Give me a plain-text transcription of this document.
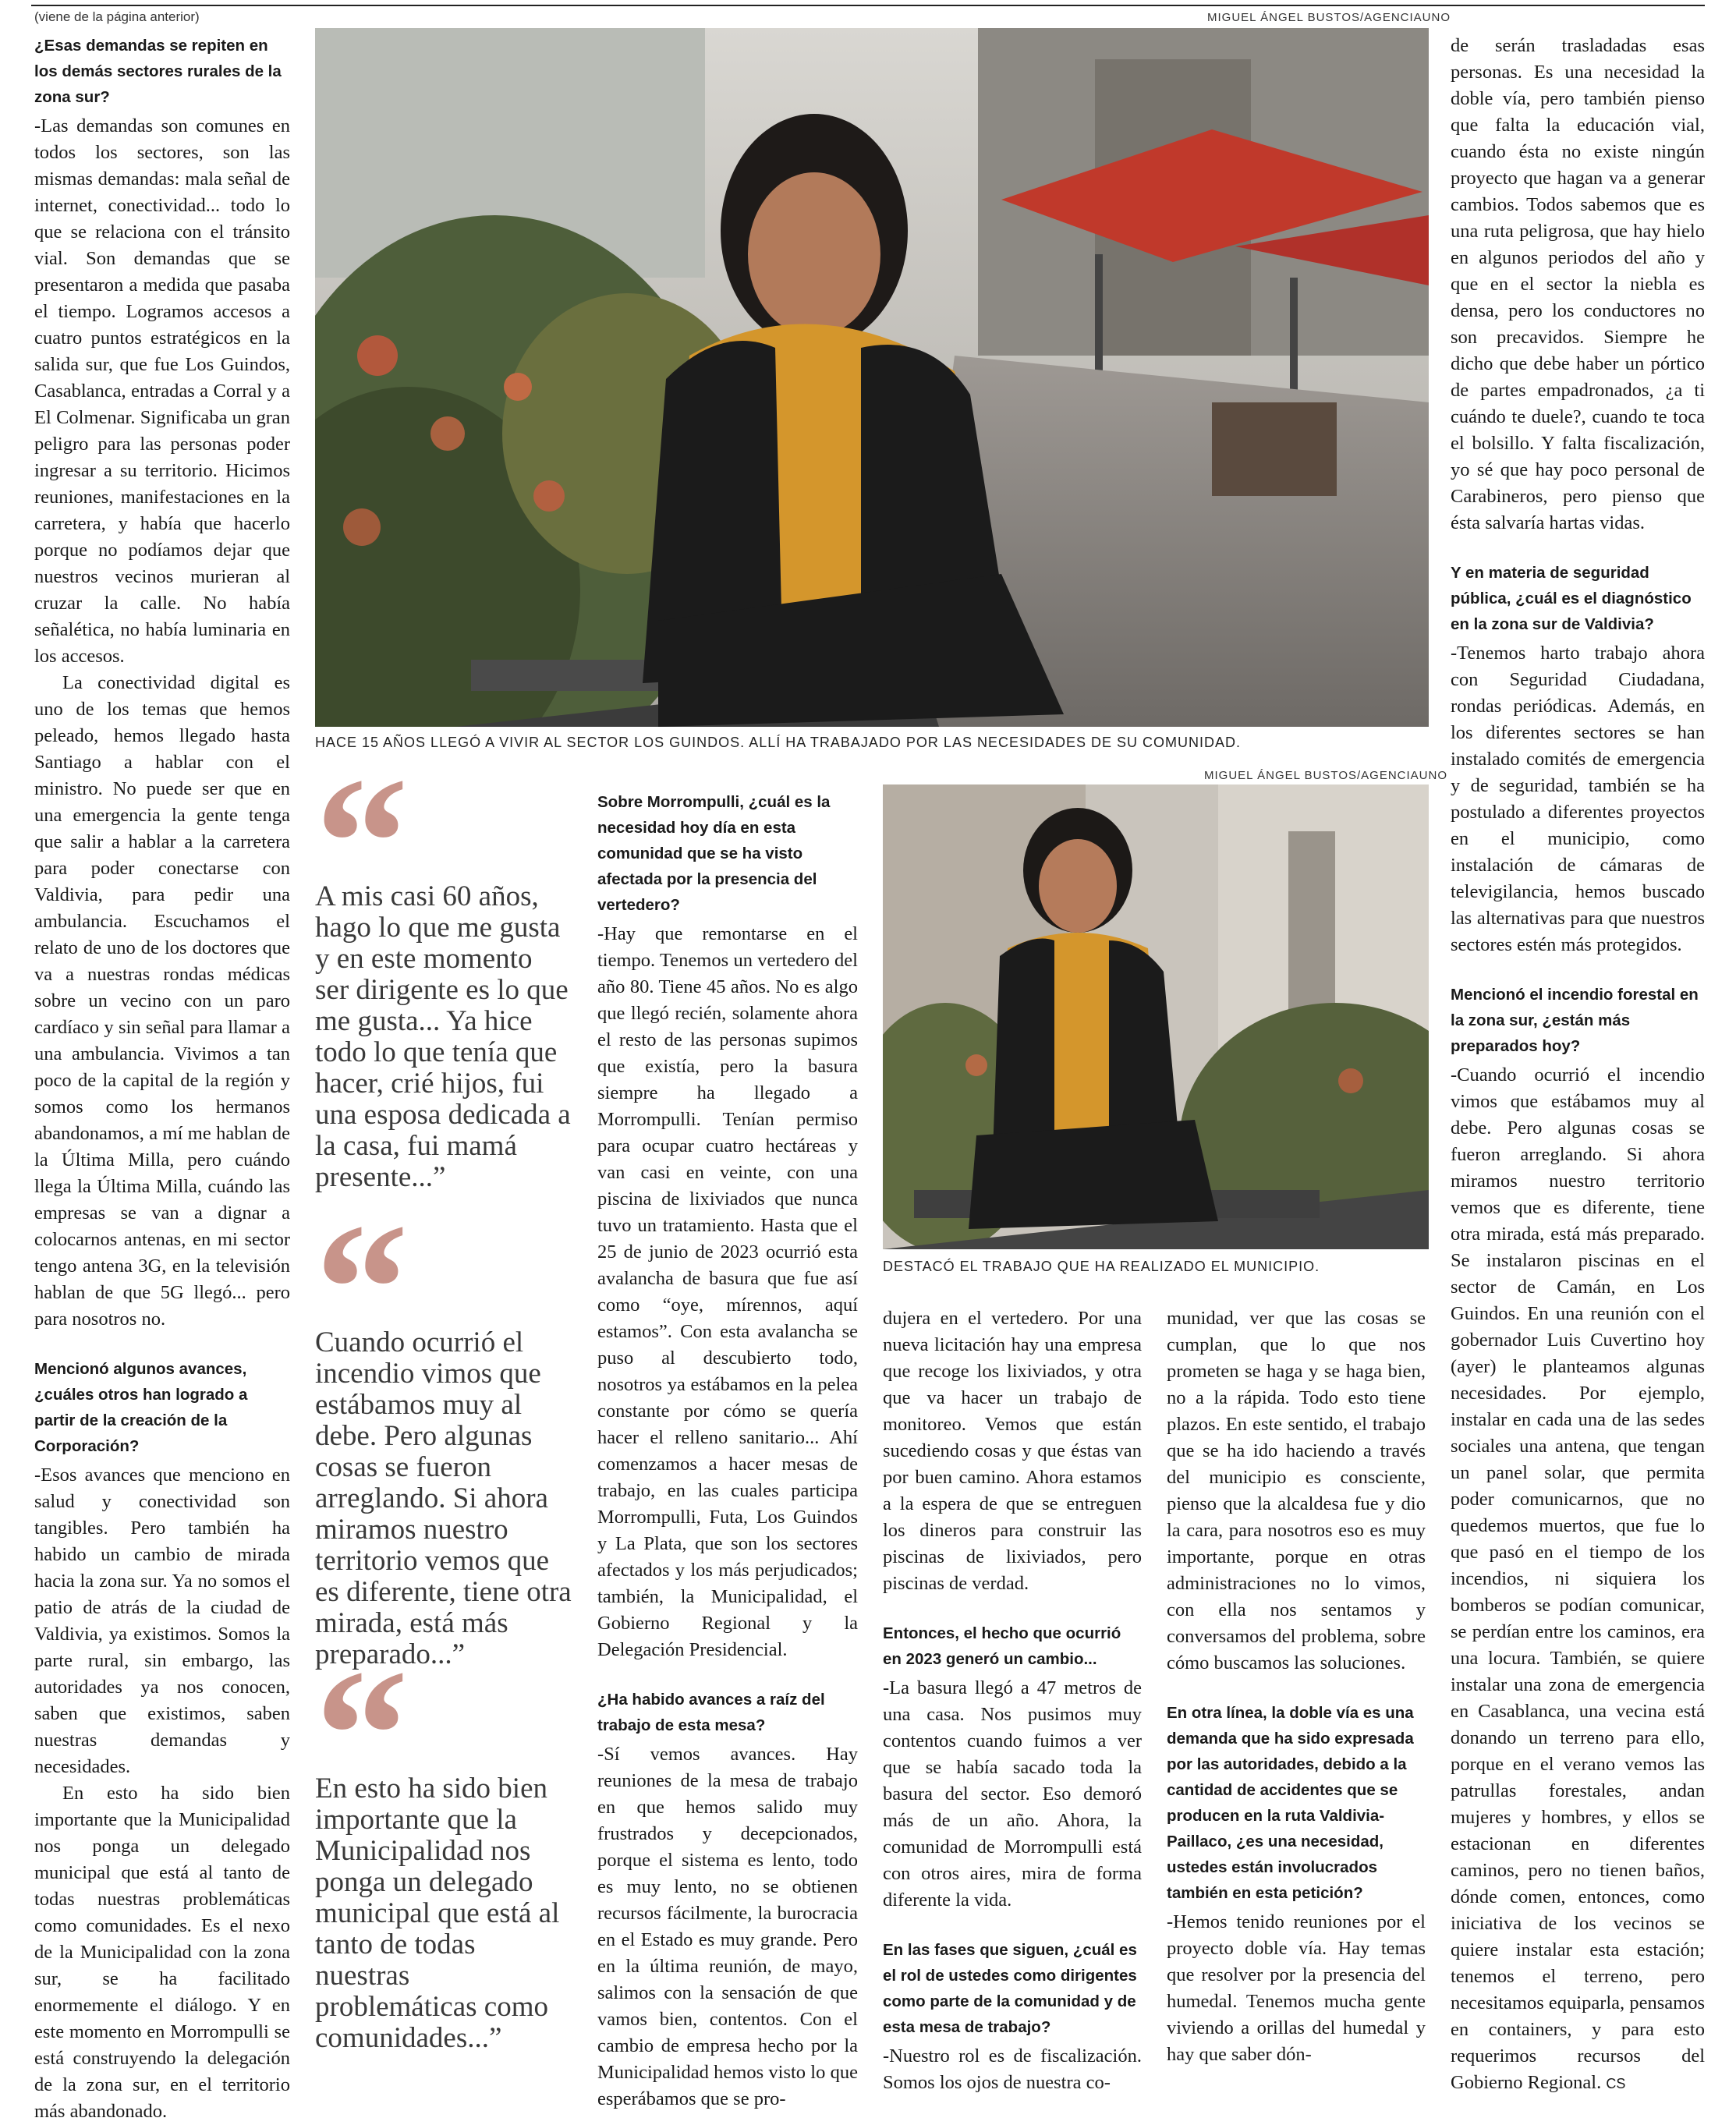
(viene de la página anterior)	MIGUEL ÁNGEL BUSTOS/AGENCIAUNO

¿Esas demandas se repiten en los demás sectores rurales de la zona sur?

-Las demandas son comunes en todos los sectores, son las mismas demandas: mala señal de internet, conectividad... todo lo que se relaciona con el tránsito vial. Son demandas que se presentaron a medida que pasaba el tiempo. Logramos accesos a cuatro puntos estratégicos en la salida sur, que fue Los Guindos, Casablanca, entradas a Corral y a El Colmenar. Significaba un gran peligro para las personas poder ingresar a su territorio. Hicimos reuniones, manifestaciones en la carretera, y había que hacerlo porque no podíamos dejar que nuestros vecinos murieran al cruzar la calle. No había señalética, no había luminaria en los accesos.

La conectividad digital es uno de los temas que hemos peleado, hemos llegado hasta Santiago a hablar con el ministro. No puede ser que en una emergencia la gente tenga que salir a hablar a la carretera para poder conectarse con Valdivia, para pedir una ambulancia. Escuchamos el relato de uno de los doctores que va a nuestras rondas médicas sobre un vecino con un paro cardíaco y sin señal para llamar a una ambulancia. Vivimos a tan poco de la capital de la región y somos como los hermanos abandonamos, a mí me hablan de la Última Milla, pero cuándo llega la Última Milla, cuándo las empresas se van a dignar a colocarnos antenas, en mi sector tengo antena 3G, en la televisión hablan de que 5G llegó... pero para nosotros no.

Mencionó algunos avances, ¿cuáles otros han logrado a partir de la creación de la Corporación?

-Esos avances que menciono en salud y conectividad son tangibles. Pero también ha habido un cambio de mirada hacia la zona sur. Ya no somos el patio de atrás de la ciudad de Valdivia, ya existimos. Somos la parte rural, sin embargo, las autoridades ya nos conocen, saben que existimos, saben nuestras demandas y necesidades.

En esto ha sido bien importante que la Municipalidad nos ponga un delegado municipal que está al tanto de todas nuestras problemáticas como comunidades. Es el nexo de la Municipalidad con la zona sur, se ha facilitado enormemente el diálogo. Y en este momento en Morrompulli se está construyendo la delegación de la zona sur, en el territorio más abandonado.

HACE 15 AÑOS LLEGÓ A VIVIR AL SECTOR LOS GUINDOS. ALLÍ HA TRABAJADO POR LAS NECESIDADES DE SU COMUNIDAD.
A mis casi 60 años, hago lo que me gusta y en este momento ser dirigente es lo que me gusta... Ya hice todo lo que tenía que hacer, crié hijos, fui una esposa dedicada a la casa, fui mamá presente...”
Cuando ocurrió el incendio vimos que estábamos muy al debe. Pero algunas cosas se fueron arreglando. Si ahora miramos nuestro territorio vemos que es diferente, tiene otra mirada, está más preparado...”
En esto ha sido bien importante que la Municipalidad nos ponga un delegado municipal que está al tanto de todas nuestras problemáticas como comunidades...”

Sobre Morrompulli, ¿cuál es la necesidad hoy día en esta comunidad que se ha visto afectada por la presencia del vertedero?

-Hay que remontarse en el tiempo. Tenemos un vertedero del año 80. Tiene 45 años. No es algo que llegó recién, solamente ahora el resto de las personas supimos que existía, pero la basura siempre ha llegado a Morrompulli. Tenían permiso para ocupar cuatro hectáreas y van casi en veinte, con una piscina de lixiviados que nunca tuvo un tratamiento. Hasta que el 25 de junio de 2023 ocurrió esta avalancha de basura que fue así como “oye, mírennos, aquí estamos”. Con esta avalancha se puso al descubierto todo, nosotros ya estábamos en la pelea constante por cómo se quería hacer el relleno sanitario... Ahí comenzamos a hacer mesas de trabajo, en las cuales participa Morrompulli, Futa, Los Guindos y La Plata, que son los sectores afectados y los más perjudicados; también, la Municipalidad, el Gobierno Regional y la Delegación Presidencial.

¿Ha habido avances a raíz del trabajo de esta mesa?

-Sí vemos avances. Hay reuniones de la mesa de trabajo en que hemos salido muy frustrados y decepcionados, porque el sistema es lento, todo es muy lento, no se obtienen recursos fácilmente, la burocracia en el Estado es muy grande. Pero en la última reunión, de mayo, salimos con la sensación de que vamos bien, contentos. Con el cambio de empresa hecho por la Municipalidad hemos visto lo que esperábamos que se pro-

MIGUEL ÁNGEL BUSTOS/AGENCIAUNO
DESTACÓ EL TRABAJO QUE HA REALIZADO EL MUNICIPIO.

dujera en el vertedero. Por una nueva licitación hay una empresa que recoge los lixiviados, y otra que va hacer un trabajo de monitoreo. Vemos que están sucediendo cosas y que éstas van por buen camino. Ahora estamos a la espera de que se entreguen los dineros para construir las piscinas de lixiviados, pero piscinas de verdad.

Entonces, el hecho que ocurrió en 2023 generó un cambio...

-La basura llegó a 47 metros de una casa. Nos pusimos muy contentos cuando fuimos a ver que se había sacado toda la basura del sector. Eso demoró más de un año. Ahora, la comunidad de Morrompulli está con otros aires, mira de forma diferente la vida.

En las fases que siguen, ¿cuál es el rol de ustedes como dirigentes como parte de la comunidad y de esta mesa de trabajo?

-Nuestro rol es de fiscalización. Somos los ojos de nuestra co-

munidad, ver que las cosas se cumplan, que lo que nos prometen se haga y se haga bien, no a la rápida. Todo esto tiene plazos. En este sentido, el trabajo que se ha ido haciendo a través del municipio es consciente, pienso que la alcaldesa fue y dio la cara, para nosotros eso es muy importante, porque en otras administraciones no lo vimos, con ella nos sentamos y conversamos del problema, sobre cómo buscamos las soluciones.

En otra línea, la doble vía es una demanda que ha sido expresada por las autoridades, debido a la cantidad de accidentes que se producen en la ruta Valdivia-Paillaco, ¿es una necesidad, ustedes están involucrados también en esta petición?

-Hemos tenido reuniones por el proyecto doble vía. Hay temas que resolver por la presencia del humedal. Tenemos mucha gente viviendo a orillas del humedal y hay que saber dón-

de serán trasladadas esas personas. Es una necesidad la doble vía, pero también pienso que falta la educación vial, cuando ésta no existe ningún proyecto que hagan va a generar cambios. Todos sabemos que es una ruta peligrosa, que hay hielo en algunos periodos del año y que en el sector la niebla es densa, pero los conductores no son precavidos. Siempre he dicho que debe haber un pórtico de partes empadronados, ¿a ti cuándo te duele?, cuando te toca el bolsillo. Y falta fiscalización, yo sé que hay poco personal de Carabineros, pero pienso que ésta salvaría hartas vidas.

Y en materia de seguridad pública, ¿cuál es el diagnóstico en la zona sur de Valdivia?

-Tenemos harto trabajo ahora con Seguridad Ciudadana, rondas periódicas. Además, en los diferentes sectores se han instalado comités de emergencia y de seguridad, también se ha postulado a diferentes proyectos en el municipio, como instalación de cámaras de televigilancia, hemos buscado las alternativas para que nuestros sectores estén más protegidos.

Mencionó el incendio forestal en la zona sur, ¿están más preparados hoy?

-Cuando ocurrió el incendio vimos que estábamos muy al debe. Pero algunas cosas se fueron arreglando. Si ahora miramos nuestro territorio vemos que es diferente, tiene otra mirada, está más preparado. Se instalaron piscinas en el sector de Camán, en Los Guindos. En una reunión con el gobernador Luis Cuvertino hoy (ayer) le planteamos algunas necesidades. Por ejemplo, instalar en cada una de las sedes sociales una antena, que tengan un panel solar, que permita poder comunicarnos, que no quedemos muertos, que fue lo que pasó en el tiempo de los incendios, ni siquiera los bomberos se podían comunicar, se perdían entre los caminos, era una locura. También, se quiere instalar una zona de emergencia en Casablanca, una vecina está donando un terreno para ello, porque en el verano vemos las patrullas forestales, andan mujeres y hombres, y ellos se estacionan en diferentes caminos, pero no tienen baños, dónde comen, entonces, como iniciativa de los vecinos se quiere instalar esta estación; tenemos el terreno, pero necesitamos equiparla, pensamos en containers, y para esto requerimos recursos del Gobierno Regional. CS
